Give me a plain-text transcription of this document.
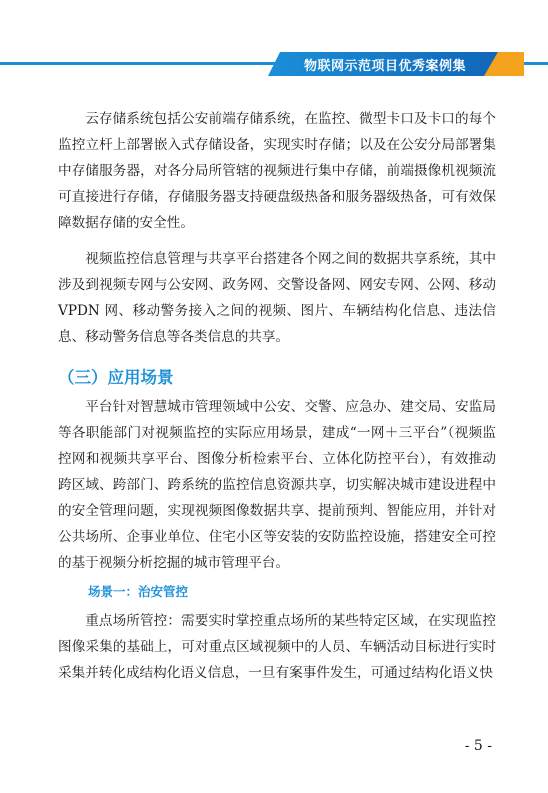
物联网示范项目优秀案例集

云存储系统包括公安前端存储系统，在监控、微型卡口及卡口的每个监控立杆上部署嵌入式存储设备，实现实时存储；以及在公安分局部署集中存储服务器，对各分局所管辖的视频进行集中存储，前端摄像机视频流可直接进行存储，存储服务器支持硬盘级热备和服务器级热备，可有效保障数据存储的安全性。

视频监控信息管理与共享平台搭建各个网之间的数据共享系统，其中涉及到视频专网与公安网、政务网、交警设备网、网安专网、公网、移动 VPDN 网、移动警务接入之间的视频、图片、车辆结构化信息、违法信息、移动警务信息等各类信息的共享。

（三）应用场景

平台针对智慧城市管理领域中公安、交警、应急办、建交局、安监局等各职能部门对视频监控的实际应用场景，建成“一网＋三平台”（视频监控网和视频共享平台、图像分析检索平台、立体化防控平台），有效推动跨区域、跨部门、跨系统的监控信息资源共享，切实解决城市建设进程中的安全管理问题，实现视频图像数据共享、提前预判、智能应用，并针对公共场所、企事业单位、住宅小区等安装的安防监控设施，搭建安全可控的基于视频分析挖掘的城市管理平台。

场景一：治安管控

重点场所管控：需要实时掌控重点场所的某些特定区域，在实现监控图像采集的基础上，可对重点区域视频中的人员、车辆活动目标进行实时采集并转化成结构化语义信息，一旦有案事件发生，可通过结构化语义快

- 5 -
